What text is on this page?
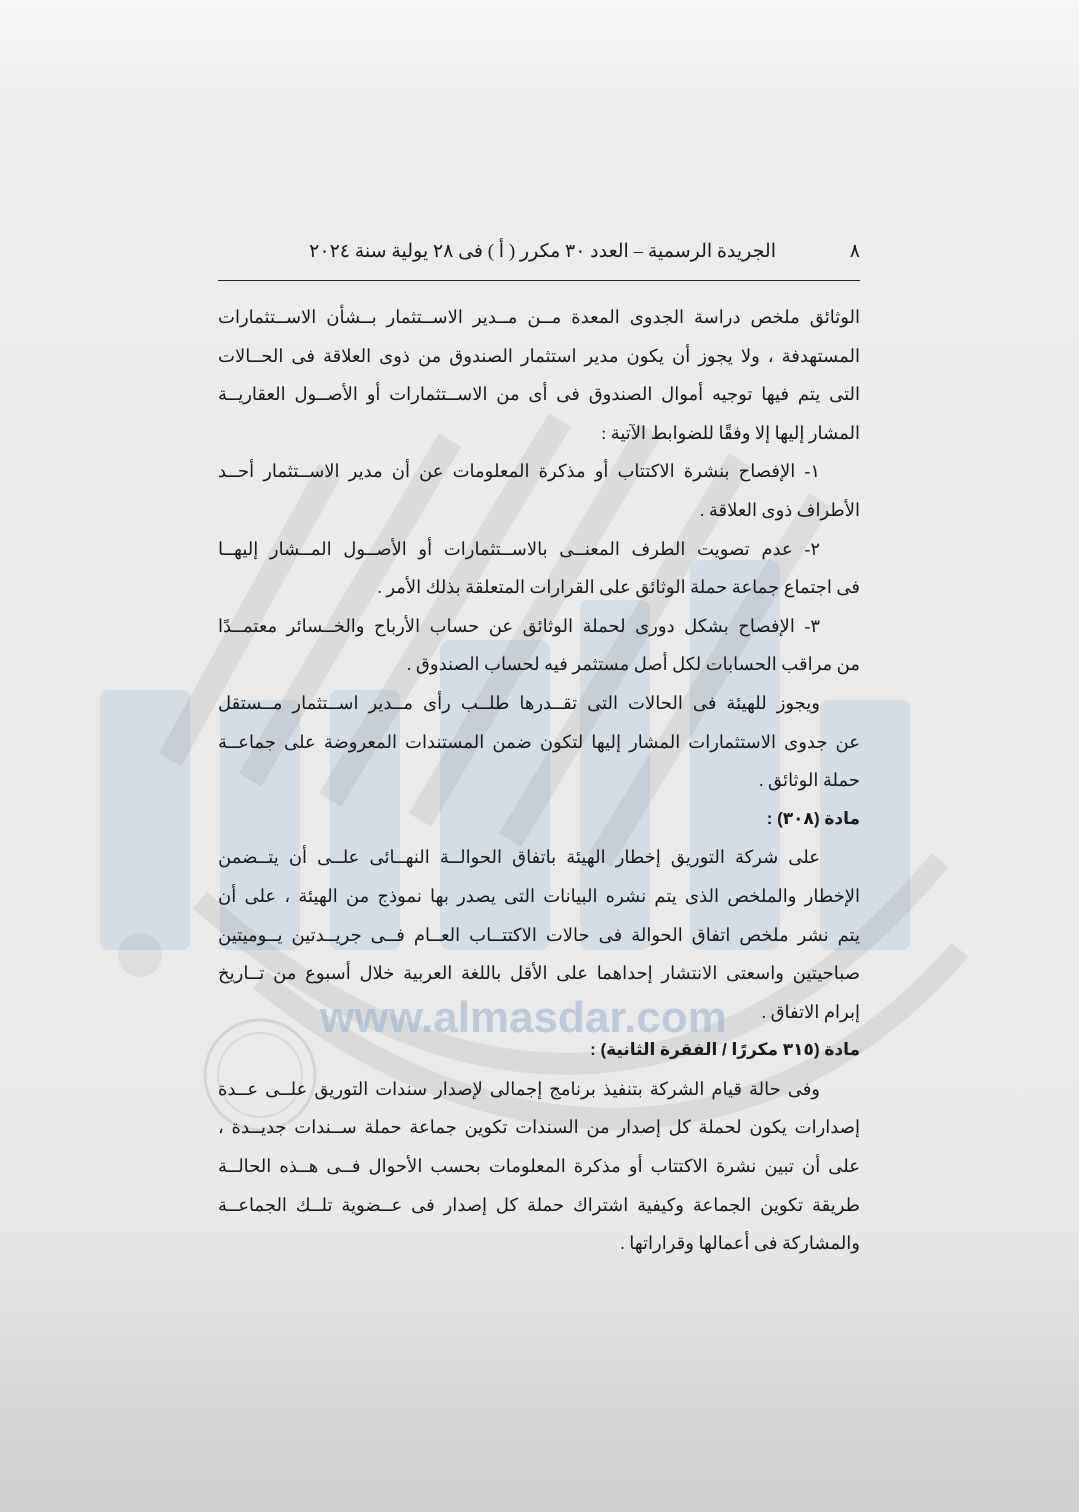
www.almasdar.com
٨
الجريدة الرسمية – العدد ٣٠ مكرر ( أ ) فى ٢٨ يولية سنة ٢٠٢٤
الوثائق ملخص دراسة الجدوى المعدة مــن مــدير الاســتثمار بــشأن الاســتثمارات
المستهدفة ، ولا يجوز أن يكون مدير استثمار الصندوق من ذوى العلاقة فى الحــالات
التى يتم فيها توجيه أموال الصندوق فى أى من الاســتثمارات أو الأصــول العقاريــة
المشار إليها إلا وفقًا للضوابط الآتية :
١- الإفصاح بنشرة الاكتتاب أو مذكرة المعلومات عن أن مدير الاســتثمار أحــد
الأطراف ذوى العلاقة .
٢- عدم تصويت الطرف المعنــى بالاســتثمارات أو الأصــول المــشار إليهــا
فى اجتماع جماعة حملة الوثائق على القرارات المتعلقة بذلك الأمر .
٣- الإفصاح بشكل دورى لحملة الوثائق عن حساب الأرباح والخــسائر معتمــدًا
من مراقب الحسابات لكل أصل مستثمر فيه لحساب الصندوق .
ويجوز للهيئة فى الحالات التى تقــدرها طلــب رأى مــدير اســتثمار مــستقل
عن جدوى الاستثمارات المشار إليها لتكون ضمن المستندات المعروضة على جماعــة
حملة الوثائق .
مادة (٣٠٨) :
على شركة التوريق إخطار الهيئة باتفاق الحوالــة النهــائى علــى أن يتــضمن
الإخطار والملخص الذى يتم نشره البيانات التى يصدر بها نموذج من الهيئة ، على أن
يتم نشر ملخص اتفاق الحوالة فى حالات الاكتتــاب العــام فــى جريــدتين يــوميتين
صباحيتين واسعتى الانتشار إحداهما على الأقل باللغة العربية خلال أسبوع من تــاريخ
إبرام الاتفاق .
مادة (٣١٥ مكررًا / الفقرة الثانية) :
وفى حالة قيام الشركة بتنفيذ برنامج إجمالى لإصدار سندات التوريق علــى عــدة
إصدارات يكون لحملة كل إصدار من السندات تكوين جماعة حملة ســندات جديــدة ،
على أن تبين نشرة الاكتتاب أو مذكرة المعلومات بحسب الأحوال فــى هــذه الحالــة
طريقة تكوين الجماعة وكيفية اشتراك حملة كل إصدار فى عــضوية تلــك الجماعــة
والمشاركة فى أعمالها وقراراتها .
